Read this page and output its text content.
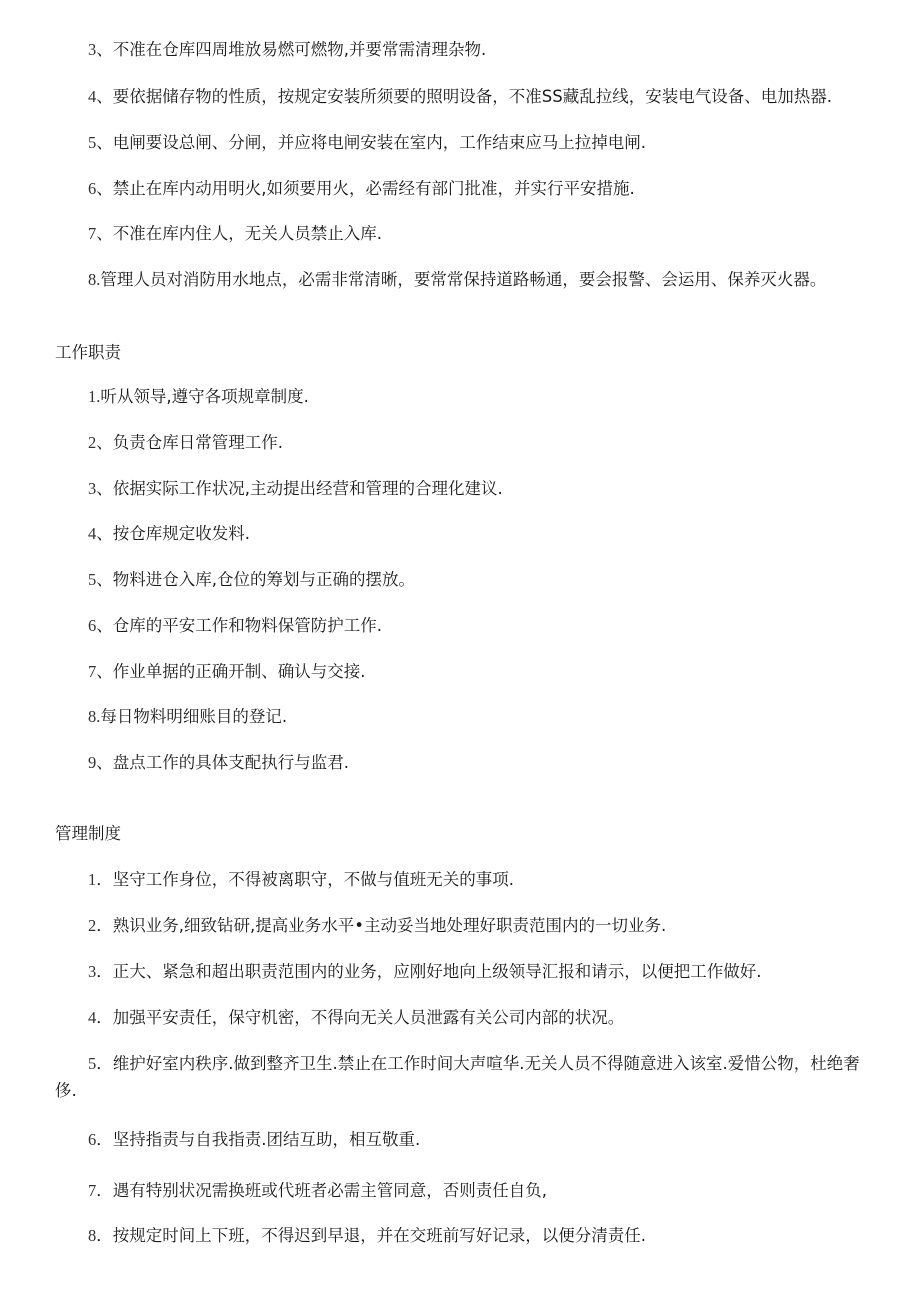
3、不准在仓库四周堆放易燃可燃物,并要常需清理杂物.
4、要依据储存物的性质，按规定安装所须要的照明设备，不准SS藏乱拉线，安装电气设备、电加热器.
5、电闸要设总闸、分闸，并应将电闸安装在室内，工作结束应马上拉掉电闸.
6、禁止在库内动用明火,如须要用火，必需经有部门批准，并实行平安措施.
7、不准在库内住人，无关人员禁止入库.
8.管理人员对消防用水地点，必需非常清晰，要常常保持道路畅通，要会报警、会运用、保养灭火器。
工作职责
1.听从领导,遵守各项规章制度.
2、负责仓库日常管理工作.
3、依据实际工作状况,主动提出经营和管理的合理化建议.
4、按仓库规定收发料.
5、物料进仓入库,仓位的筹划与正确的摆放。
6、仓库的平安工作和物料保管防护工作.
7、作业单据的正确开制、确认与交接.
8.每日物料明细账目的登记.
9、盘点工作的具体支配执行与监君.
管理制度
1．坚守工作身位，不得被离职守，不做与值班无关的事项.
2．熟识业务,细致钻研,提高业务水平•主动妥当地处理好职责范围内的一切业务.
3．正大、紧急和超出职责范围内的业务，应刚好地向上级领导汇报和请示，以便把工作做好.
4．加强平安责任，保守机密，不得向无关人员泄露有关公司内部的状况。
5．维护好室内秩序.做到整齐卫生.禁止在工作时间大声喧华.无关人员不得随意进入该室.爱惜公物，杜绝奢侈.
6．坚持指责与自我指责.团结互助，相互敬重.
7．遇有特别状况需换班或代班者必需主管同意，否则责任自负,
8．按规定时间上下班，不得迟到早退，并在交班前写好记录，以便分清责任.
